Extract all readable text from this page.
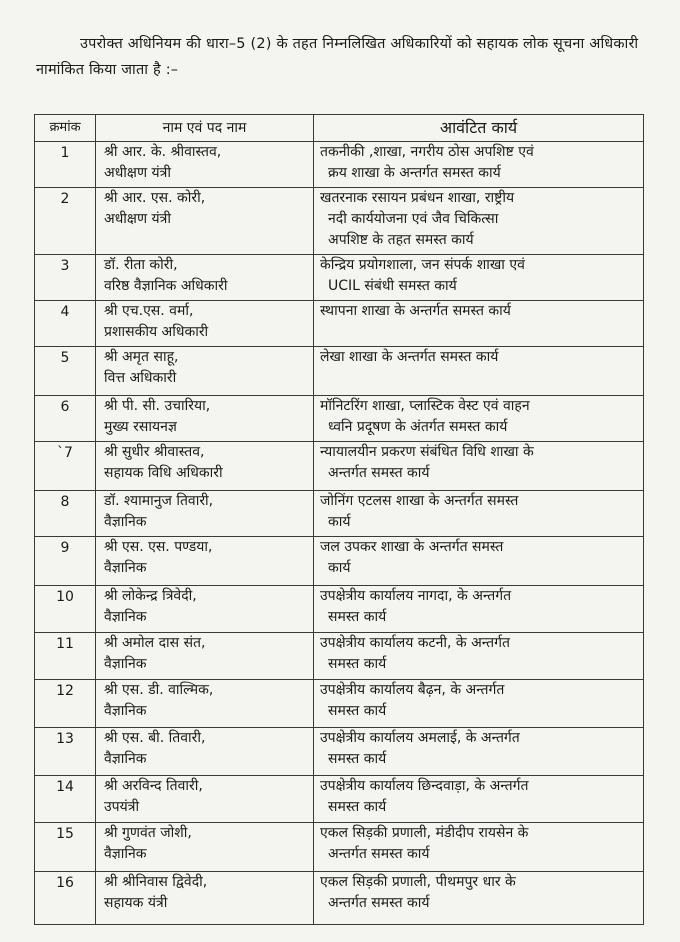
उपरोक्त अधिनियम की धारा–5 (2) के तहत निम्नलिखित अधिकारियों को सहायक लोक सूचना अधिकारी नामांकित किया जाता है :–

क्रमांक	नाम एवं पद नाम	आवंटित कार्य
1	श्री आर. के. श्रीवास्तव,
अधीक्षण यंत्री	तकनीकी ,शाखा, नगरीय ठोस अपशिष्ट एवं
क्रय शाखा के अन्तर्गत समस्त कार्य

2	श्री आर. एस. कोरी,
अधीक्षण यंत्री	खतरनाक रसायन प्रबंधन शाखा, राष्ट्रीय
नदी कार्ययोजना एवं जैव चिकित्सा
अपशिष्ट के तहत समस्त कार्य

3	डॉ. रीता कोरी,
वरिष्ठ वैज्ञानिक अधिकारी	केन्द्रिय प्रयोगशाला, जन संपर्क शाखा एवं
UCIL संबंधी समस्त कार्य

4	श्री एच.एस. वर्मा,
प्रशासकीय अधिकारी	स्थापना शाखा के अन्तर्गत समस्त कार्य

5	श्री अमृत साहू,
वित्त अधिकारी	लेखा शाखा के अन्तर्गत समस्त कार्य

6	श्री पी. सी. उचारिया,
मुख्य रसायनज्ञ	मॉनिटरिंग शाखा, प्लास्टिक वेस्ट एवं वाहन
ध्वनि प्रदूषण के अंतर्गत समस्त कार्य

`7	श्री सुधीर श्रीवास्तव,
सहायक विधि अधिकारी	न्यायालयीन प्रकरण संबंधित विधि शाखा के
अन्तर्गत समस्त कार्य

8	डॉ. श्यामानुज तिवारी,
वैज्ञानिक	जोनिंग एटलस शाखा के अन्तर्गत समस्त
कार्य

9	श्री एस. एस. पण्डया,
वैज्ञानिक	जल उपकर शाखा के अन्तर्गत समस्त
कार्य

10	श्री लोकेन्द्र त्रिवेदी,
वैज्ञानिक	उपक्षेत्रीय कार्यालय नागदा, के अन्तर्गत
समस्त कार्य

11	श्री अमोल दास संत,
वैज्ञानिक	उपक्षेत्रीय कार्यालय कटनी, के अन्तर्गत
समस्त कार्य

12	श्री एस. डी. वाल्मिक,
वैज्ञानिक	उपक्षेत्रीय कार्यालय बैढ़न, के अन्तर्गत
समस्त कार्य

13	श्री एस. बी. तिवारी,
वैज्ञानिक	उपक्षेत्रीय कार्यालय अमलाई, के अन्तर्गत
समस्त कार्य

14	श्री अरविन्द तिवारी,
उपयंत्री	उपक्षेत्रीय कार्यालय छिन्दवाड़ा, के अन्तर्गत
समस्त कार्य

15	श्री गुणवंत जोशी,
वैज्ञानिक	एकल सिड़की प्रणाली, मंडीदीप रायसेन के
अन्तर्गत समस्त कार्य

16	श्री श्रीनिवास द्विवेदी,
सहायक यंत्री	एकल सिड़की प्रणाली, पीथमपुर धार के
अन्तर्गत समस्त कार्य
